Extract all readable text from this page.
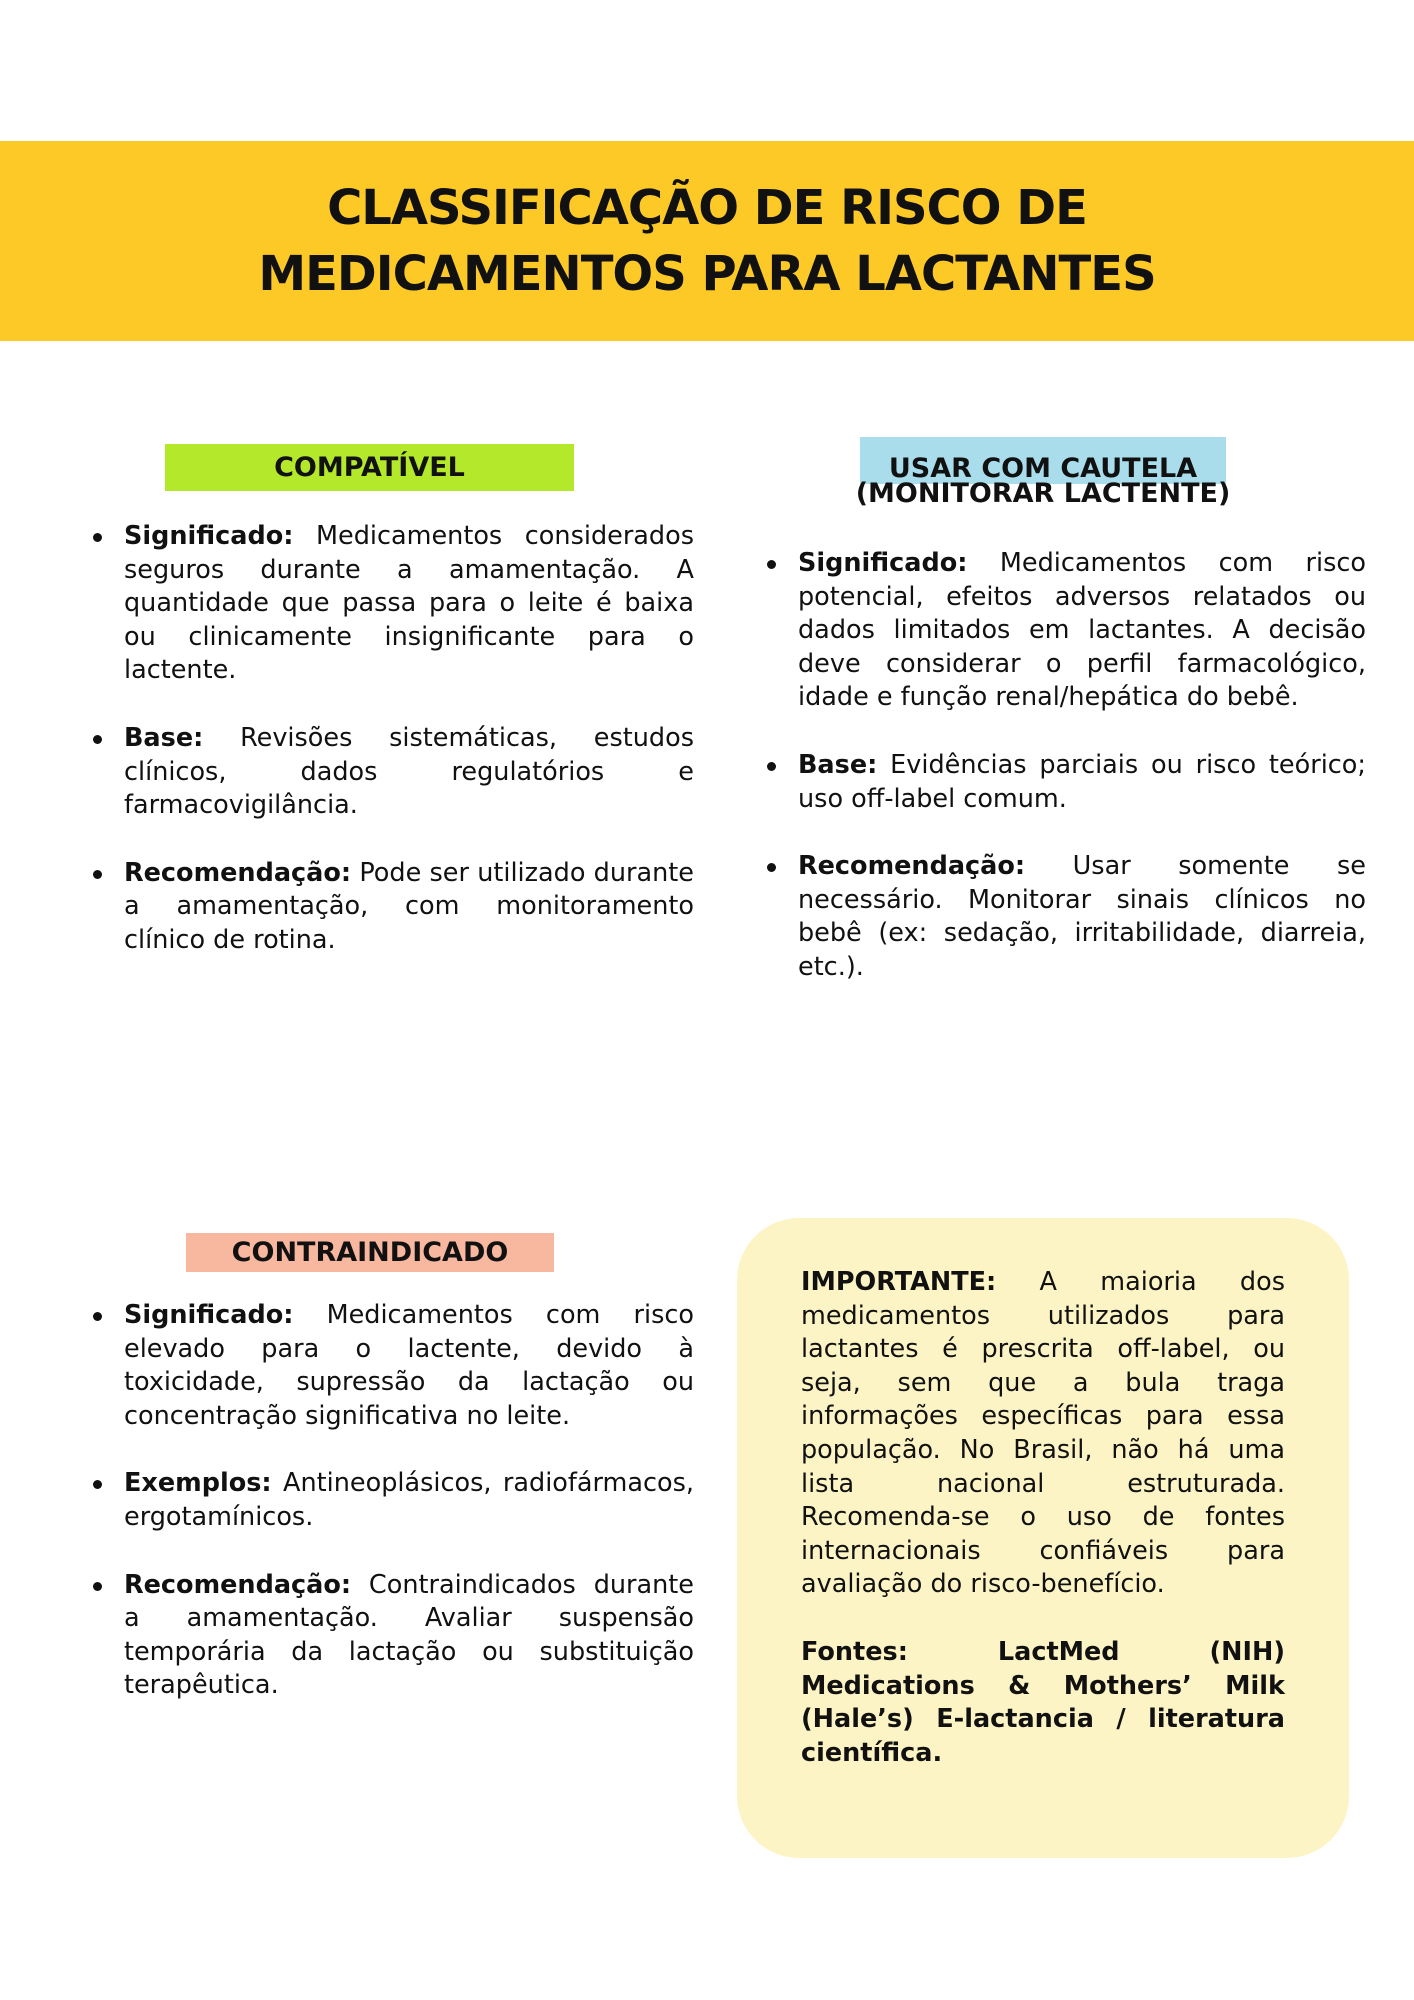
CLASSIFICAÇÃO DE RISCO DE
MEDICAMENTOS PARA LACTANTES
COMPATÍVEL
Significado: Medicamentos considerados seguros durante a amamentação. A quantidade que passa para o leite é baixa ou clinicamente insignificante para o lactente.
Base: Revisões sistemáticas, estudos clínicos, dados regulatórios e farmacovigilância.
Recomendação: Pode ser utilizado durante a amamentação, com monitoramento clínico de rotina.
USAR COM CAUTELA
(MONITORAR LACTENTE)
Significado: Medicamentos com risco potencial, efeitos adversos relatados ou dados limitados em lactantes. A decisão deve considerar o perfil farmacológico, idade e função renal/hepática do bebê.
Base: Evidências parciais ou risco teórico; uso off-label comum.
Recomendação: Usar somente se necessário. Monitorar sinais clínicos no bebê (ex: sedação, irritabilidade, diarreia, etc.).
CONTRAINDICADO
Significado: Medicamentos com risco elevado para o lactente, devido à toxicidade, supressão da lactação ou concentração significativa no leite.
Exemplos: Antineoplásicos, radiofármacos, ergotamínicos.
Recomendação: Contraindicados durante a amamentação. Avaliar suspensão temporária da lactação ou substituição terapêutica.

IMPORTANTE: A maioria dos medicamentos utilizados para lactantes é prescrita off-label, ou seja, sem que a bula traga informações específicas para essa população. No Brasil, não há uma lista nacional estruturada. Recomenda-se o uso de fontes internacionais confiáveis para avaliação do risco-benefício.

Fontes: LactMed (NIH) Medications & Mothers’ Milk (Hale’s) E-lactancia / literatura científica.
